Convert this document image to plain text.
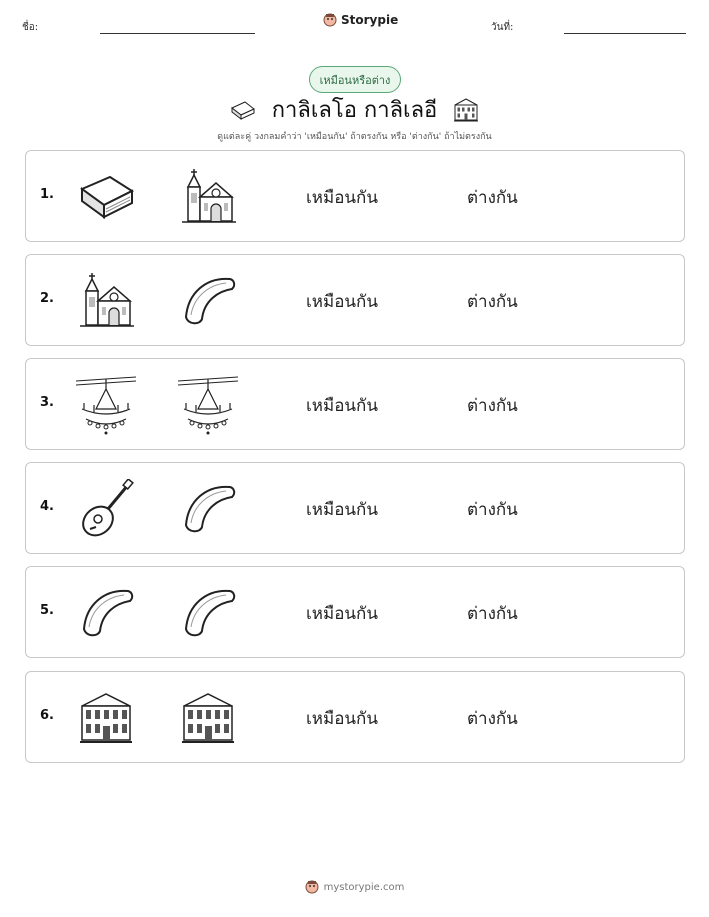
ชื่อ:
Storypie
วันที่:
เหมือนหรือต่าง
กาลิเลโอ กาลิเลอี
ดูแต่ละคู่ วงกลมคำว่า 'เหมือนกัน' ถ้าตรงกัน หรือ 'ต่างกัน' ถ้าไม่ตรงกัน
1.	เหมือนกัน	ต่างกัน
2.	เหมือนกัน	ต่างกัน
3.	เหมือนกัน	ต่างกัน
4.	เหมือนกัน	ต่างกัน
5.	เหมือนกัน	ต่างกัน
6.	เหมือนกัน	ต่างกัน
mystorypie.com
